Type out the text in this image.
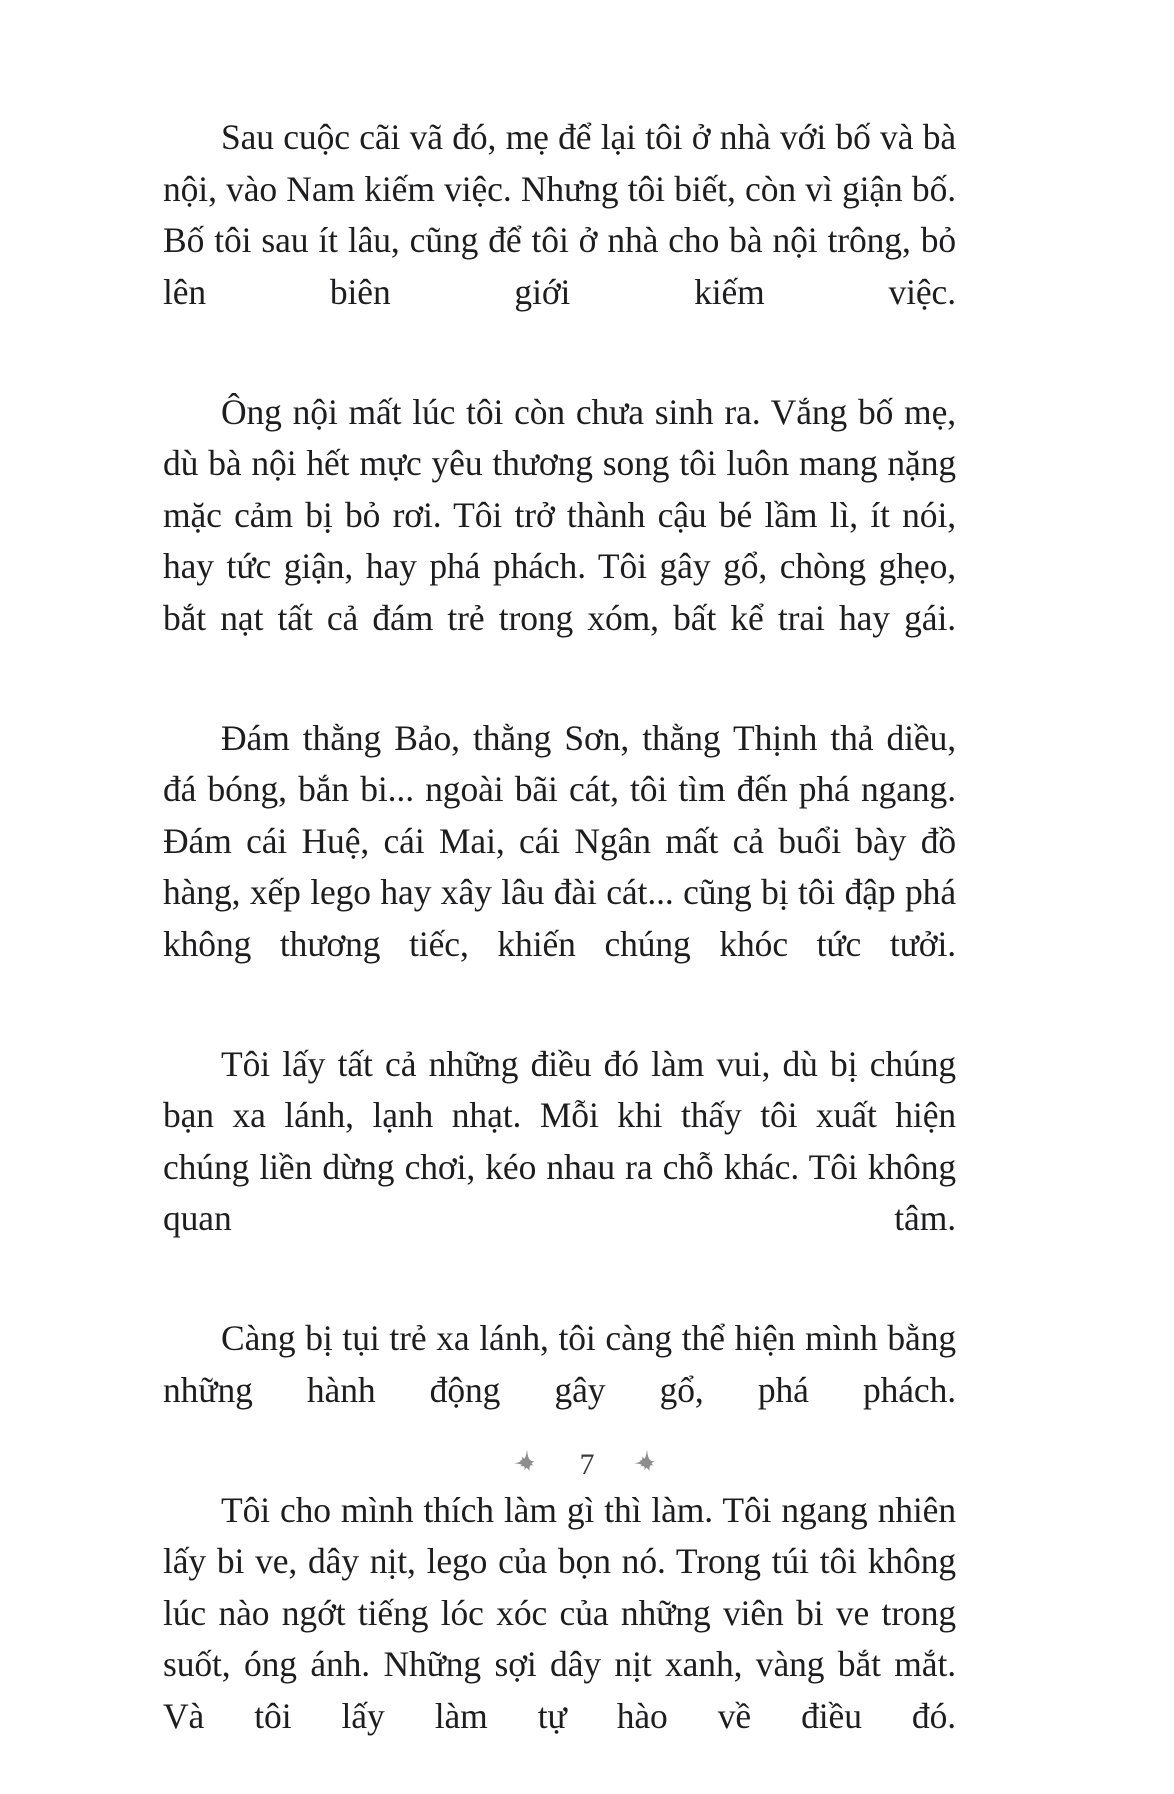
Sau cuộc cãi vã đó, mẹ để lại tôi ở nhà với bố và bà nội, vào Nam kiếm việc. Nhưng tôi biết, còn vì giận bố. Bố tôi sau ít lâu, cũng để tôi ở nhà cho bà nội trông, bỏ lên biên giới kiếm việc.

Ông nội mất lúc tôi còn chưa sinh ra. Vắng bố mẹ, dù bà nội hết mực yêu thương song tôi luôn mang nặng mặc cảm bị bỏ rơi. Tôi trở thành cậu bé lầm lì, ít nói, hay tức giận, hay phá phách. Tôi gây gổ, chòng ghẹo, bắt nạt tất cả đám trẻ trong xóm, bất kể trai hay gái.

Đám thằng Bảo, thằng Sơn, thằng Thịnh thả diều, đá bóng, bắn bi... ngoài bãi cát, tôi tìm đến phá ngang. Đám cái Huệ, cái Mai, cái Ngân mất cả buổi bày đồ hàng, xếp lego hay xây lâu đài cát... cũng bị tôi đập phá không thương tiếc, khiến chúng khóc tức tưởi.

Tôi lấy tất cả những điều đó làm vui, dù bị chúng bạn xa lánh, lạnh nhạt. Mỗi khi thấy tôi xuất hiện chúng liền dừng chơi, kéo nhau ra chỗ khác. Tôi không quan tâm.

Càng bị tụi trẻ xa lánh, tôi càng thể hiện mình bằng những hành động gây gổ, phá phách.

Tôi cho mình thích làm gì thì làm. Tôi ngang nhiên lấy bi ve, dây nịt, lego của bọn nó. Trong túi tôi không lúc nào ngớt tiếng lóc xóc của những viên bi ve trong suốt, óng ánh. Những sợi dây nịt xanh, vàng bắt mắt. Và tôi lấy làm tự hào về điều đó.

7
